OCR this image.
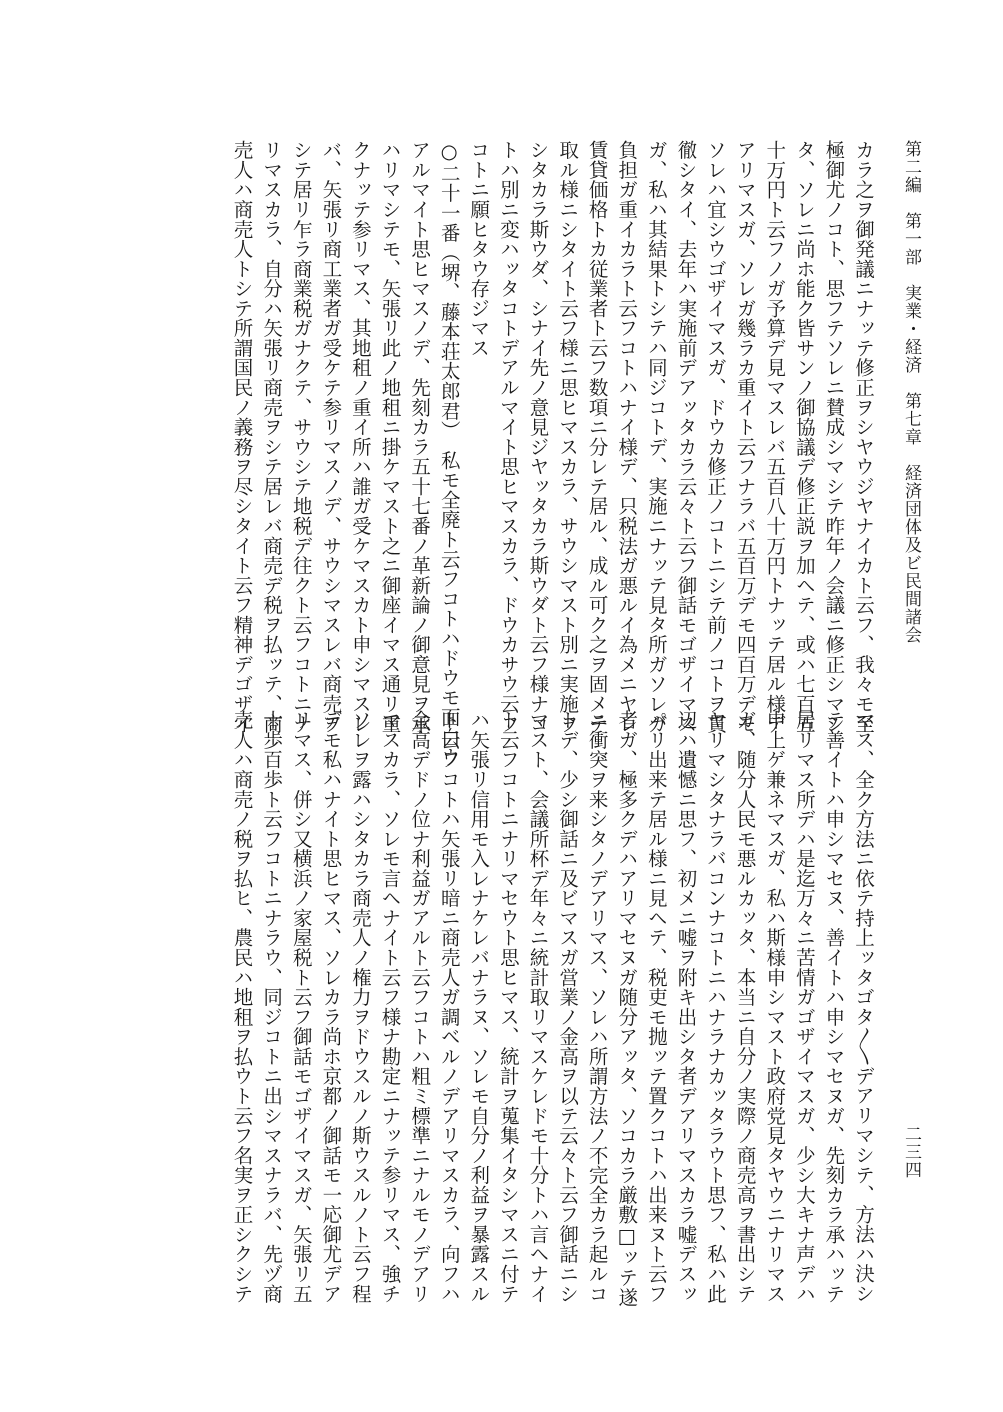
第二編　第一部　実業・経済　第七章　経済団体及ビ民間諸会
二三四
カラ之ヲ御発議ニナッテ修正ヲシヤウジヤナイカト云フ、我々モ至
極御尤ノコト、思フテソレニ賛成シマシテ昨年ノ会議ニ修正シマシ
タ、ソレニ尚ホ能ク皆サンノ御協議デ修正説ヲ加ヘテ、或ハ七百五
十万円ト云フノガ予算デ見マスレバ五百八十万円トナッテ居ル様デ
アリマスガ、ソレガ幾ラカ重イト云フナラバ五百万デモ四百万デモ
ソレハ宜シウゴザイマスガ、ドウカ修正ノコトニシテ前ノコトヲ貫
徹シタイ、去年ハ実施前デアッタカラ云々ト云フ御話モゴザイマス
ガ、私ハ其結果トシテハ同ジコトデ、実施ニナッテ見タ所ガソレガ
負担ガ重イカラト云フコトハナイ様デ、只税法ガ悪ルイ為メニヤレ
賃貸価格トカ従業者ト云フ数項ニ分レテ居ル、成ル可ク之ヲ固メテ
取ル様ニシタイト云フ様ニ思ヒマスカラ、サウシマスト別ニ実施ヲ
シタカラ斯ウダ、シナイ先ノ意見ジヤッタカラ斯ウダト云フ様ナコ
トハ別ニ変ハッタコトデアルマイト思ヒマスカラ、ドウカサウ云フ
コトニ願ヒタウ存ジマス
○二十一番（堺、藤本荘太郎君）　私モ全廃ト云フコトハドウモ面白ウ
アルマイト思ヒマスノデ、先刻カラ五十七番ノ革新論ノ御意見ヲ承
ハリマシテモ、矢張リ此ノ地租ニ掛ケマスト之ニ御座イマス通リ重
クナッテ参リマス、其地租ノ重イ所ハ誰ガ受ケマスカト申シマスレ
バ、矢張リ商工業者ガ受ケテ参リマスノデ、サウシマスレバ商売ヲ
シテ居リ乍ラ商業税ガナクテ、サウシテ地税デ往クト云フコトニナ
リマスカラ、自分ハ矢張リ商売ヲシテ居レバ商売デ税ヲ払ッテ、商
売人ハ商売人トシテ所謂国民ノ義務ヲ尽シタイト云フ精神デゴザイ
マス、全ク方法ニ依テ持上ッタゴタ〳〵デアリマシテ、方法ハ決シ
テ善イトハ申シマセヌ、善イトハ申シマセヌガ、先刻カラ承ハッテ
居リマス所デハ是迄万々ニ苦情ガゴザイマスガ、少シ大キナ声デハ
申上ゲ兼ネマスガ、私ハ斯様申シマスト政府党見タヤウニナリマス
ガ、随分人民モ悪ルカッタ、本当ニ自分ノ実際ノ商売高ヲ書出シテ
ヤリマシタナラバコンナコトニハナラナカッタラウト思フ、私ハ此
辺ハ遺憾ニ思フ、初メニ嘘ヲ附キ出シタ者デアリマスカラ嘘デスッ
パリ出来テ居ル様ニ見ヘテ、税吏モ抛ッテ置クコトハ出来ヌト云フ
者ガ、極多クデハアリマセヌガ随分アッタ、ソコカラ厳敷□ッテ遂
ニ衝突ヲ来シタノデアリマス、ソレハ所謂方法ノ不完全カラ起ルコ
トデ、少シ御話ニ及ビマスガ営業ノ金高ヲ以テ云々ト云フ御話ニシ
マスト、会議所杯デ年々ニ統計取リマスケレドモ十分トハ言ヘナイ
ト云フコトニナリマセウト思ヒマス、統計ヲ蒐集イタシマスニ付テ
ハ矢張リ信用モ入レナケレバナラヌ、ソレモ自分ノ利益ヲ暴露スル
ト云フコトハ矢張リ暗ニ商売人ガ調ベルノデアリマスカラ、向フハ
金高デドノ位ナ利益ガアルト云フコトハ粗ミ標準ニナルモノデアリ
マスカラ、ソレモ言ヘナイト云フ様ナ勘定ニナッテ参リマス、強チ
ソレヲ露ハシタカラ商売人ノ権力ヲドウスルノ斯ウスルノト云フ程
デモ私ハナイト思ヒマス、ソレカラ尚ホ京都ノ御話モ一応御尤デア
リマス、併シ又横浜ノ家屋税ト云フ御話モゴザイマスガ、矢張リ五
十歩百歩ト云フコトニナラウ、同ジコトニ出シマスナラバ、先ヅ商
売人ハ商売ノ税ヲ払ヒ、農民ハ地租ヲ払ウト云フ名実ヲ正シクシテ
